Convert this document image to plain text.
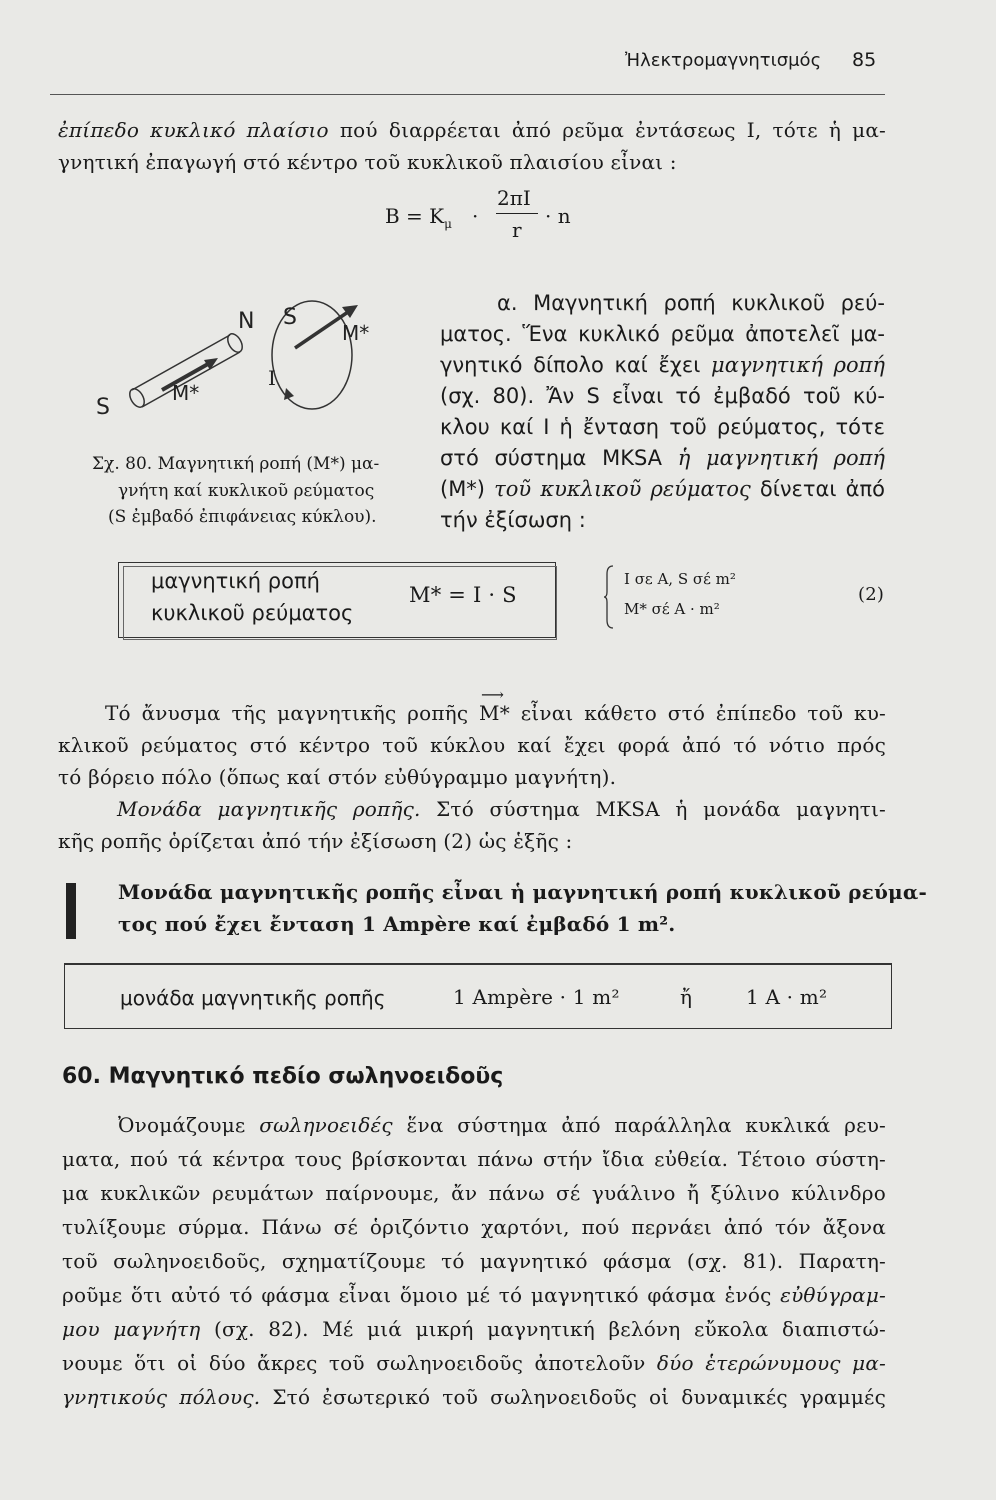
Ἠλεκτρομαγνητισμός 85
ἐπίπεδο κυκλικό πλαίσιο πού διαρρέεται ἀπό ρεῦμα ἐντάσεως I, τότε ἡ μα-
γνητική ἐπαγωγή στό κέντρο τοῦ κυκλικοῦ πλαισίου εἶναι :
$B = K_\mu$ ·
2πI
r
· n
N S
M*
S
M*
I
Σχ. 80. Μαγνητική ροπή (M*) μα-
γνήτη καί κυκλικοῦ ρεύματος
(S ἐμβαδό ἐπιφάνειας κύκλου).
α. Μαγνητική ροπή κυκλικοῦ ρεύ-
ματος. Ἕνα κυκλικό ρεῦμα ἀποτελεῖ μα-
γνητικό δίπολο καί ἔχει μαγνητική ροπή
(σχ. 80). Ἄν S εἶναι τό ἐμβαδό τοῦ κύ-
κλου καί I ἡ ἔνταση τοῦ ρεύματος, τότε
στό σύστημα MKSA ἡ μαγνητική ροπή
(M*) τοῦ κυκλικοῦ ρεύματος δίνεται ἀπό
τήν ἐξίσωση :
μαγνητική ροπή
κυκλικοῦ ρεύματος
M* = I · S
I σε A, S σέ m²
M* σέ A · m²
(2)
Τό ἄνυσμα τῆς μαγνητικῆς ροπῆς
⟶
M* εἶναι κάθετο στό ἐπίπεδο τοῦ κυ-
κλικοῦ ρεύματος στό κέντρο τοῦ κύκλου καί ἔχει φορά ἀπό τό νότιο πρός
τό βόρειο πόλο (ὅπως καί στόν εὐθύγραμμο μαγνήτη).
Μονάδα μαγνητικῆς ροπῆς. Στό σύστημα MKSA ἡ μονάδα μαγνητι-
κῆς ροπῆς ὁρίζεται ἀπό τήν ἐξίσωση (2) ὡς ἑξῆς :
Μονάδα μαγνητικῆς ροπῆς εἶναι ἡ μαγνητική ροπή κυκλικοῦ ρεύμα-
τος πού ἔχει ἔνταση 1 Ampère καί ἐμβαδό 1 m².
μονάδα μαγνητικῆς ροπῆς	1 Ampère · 1 m²	ἤ	1 A · m²
60. Μαγνητικό πεδίο σωληνοειδοῦς
Ὀνομάζουμε σωληνοειδές ἕνα σύστημα ἀπό παράλληλα κυκλικά ρευ-
ματα, πού τά κέντρα τους βρίσκονται πάνω στήν ἴδια εὐθεία. Τέτοιο σύστη-
μα κυκλικῶν ρευμάτων παίρνουμε, ἄν πάνω σέ γυάλινο ἤ ξύλινο κύλινδρο
τυλίξουμε σύρμα. Πάνω σέ ὁριζόντιο χαρτόνι, πού περνάει ἀπό τόν ἄξονα
τοῦ σωληνοειδοῦς, σχηματίζουμε τό μαγνητικό φάσμα (σχ. 81). Παρατη-
ροῦμε ὅτι αὐτό τό φάσμα εἶναι ὅμοιο μέ τό μαγνητικό φάσμα ἑνός εὐθύγραμ-
μου μαγνήτη (σχ. 82). Μέ μιά μικρή μαγνητική βελόνη εὔκολα διαπιστώ-
νουμε ὅτι οἱ δύο ἄκρες τοῦ σωληνοειδοῦς ἀποτελοῦν δύο ἑτερώνυμους μα-
γνητικούς πόλους. Στό ἐσωτερικό τοῦ σωληνοειδοῦς οἱ δυναμικές γραμμές
